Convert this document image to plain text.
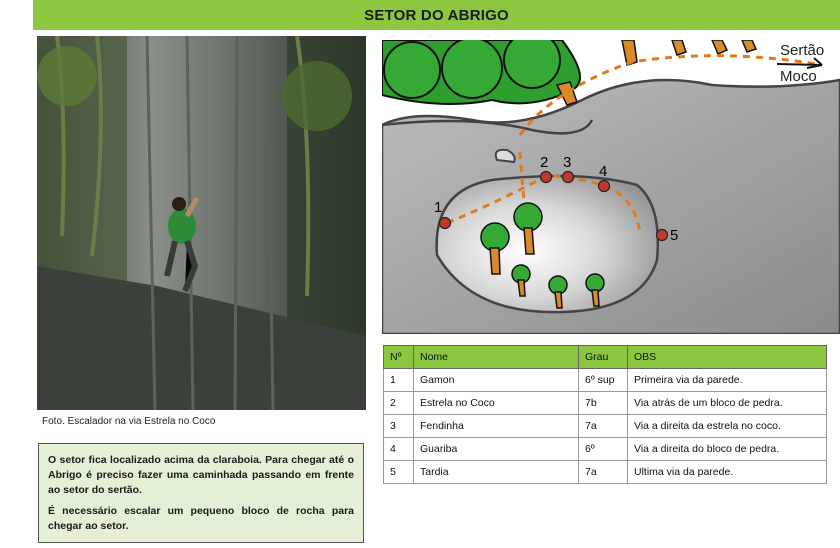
SETOR DO ABRIGO
Foto. Escalador na via Estrela no Coco

O setor fica localizado acima da claraboia. Para chegar até o Abrigo é preciso fazer uma caminhada passando em frente ao setor do sertão.

É necessário escalar um pequeno bloco de rocha para chegar ao setor.

1
2 3
4
5
Sertão
Moco
Nº	Nome	Grau	OBS
1	Gamon	6º sup	Primeira via da parede.
2	Estrela no Coco	7b	Via atrás de um bloco de pedra.
3	Fendinha	7a	Via a direita da estrela no coco.
4	Guariba	6º	Via a direita do bloco de pedra.
5	Tardia	7a	Ultima via da parede.
